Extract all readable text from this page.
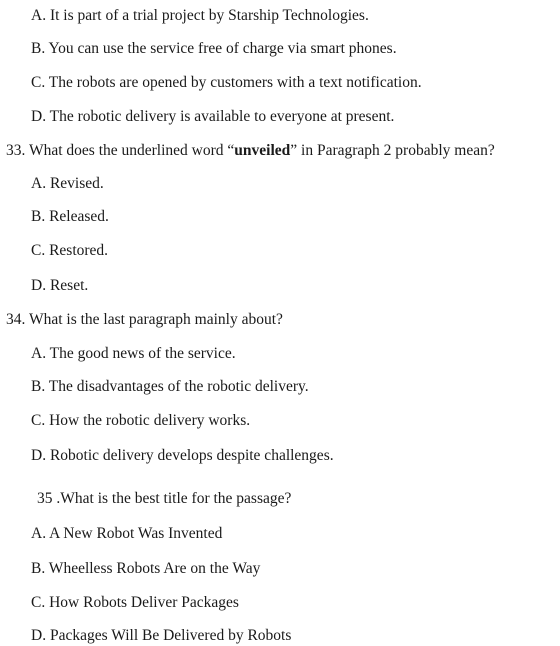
A. It is part of a trial project by Starship Technologies.
B. You can use the service free of charge via smart phones.
C. The robots are opened by customers with a text notification.
D. The robotic delivery is available to everyone at present.
33. What does the underlined word “unveiled” in Paragraph 2 probably mean?
A. Revised.
B. Released.
C. Restored.
D. Reset.
34. What is the last paragraph mainly about?
A. The good news of the service.
B. The disadvantages of the robotic delivery.
C. How the robotic delivery works.
D. Robotic delivery develops despite challenges.
35 .What is the best title for the passage?
A. A New Robot Was Invented
B. Wheelless Robots Are on the Way
C. How Robots Deliver Packages
D. Packages Will Be Delivered by Robots
